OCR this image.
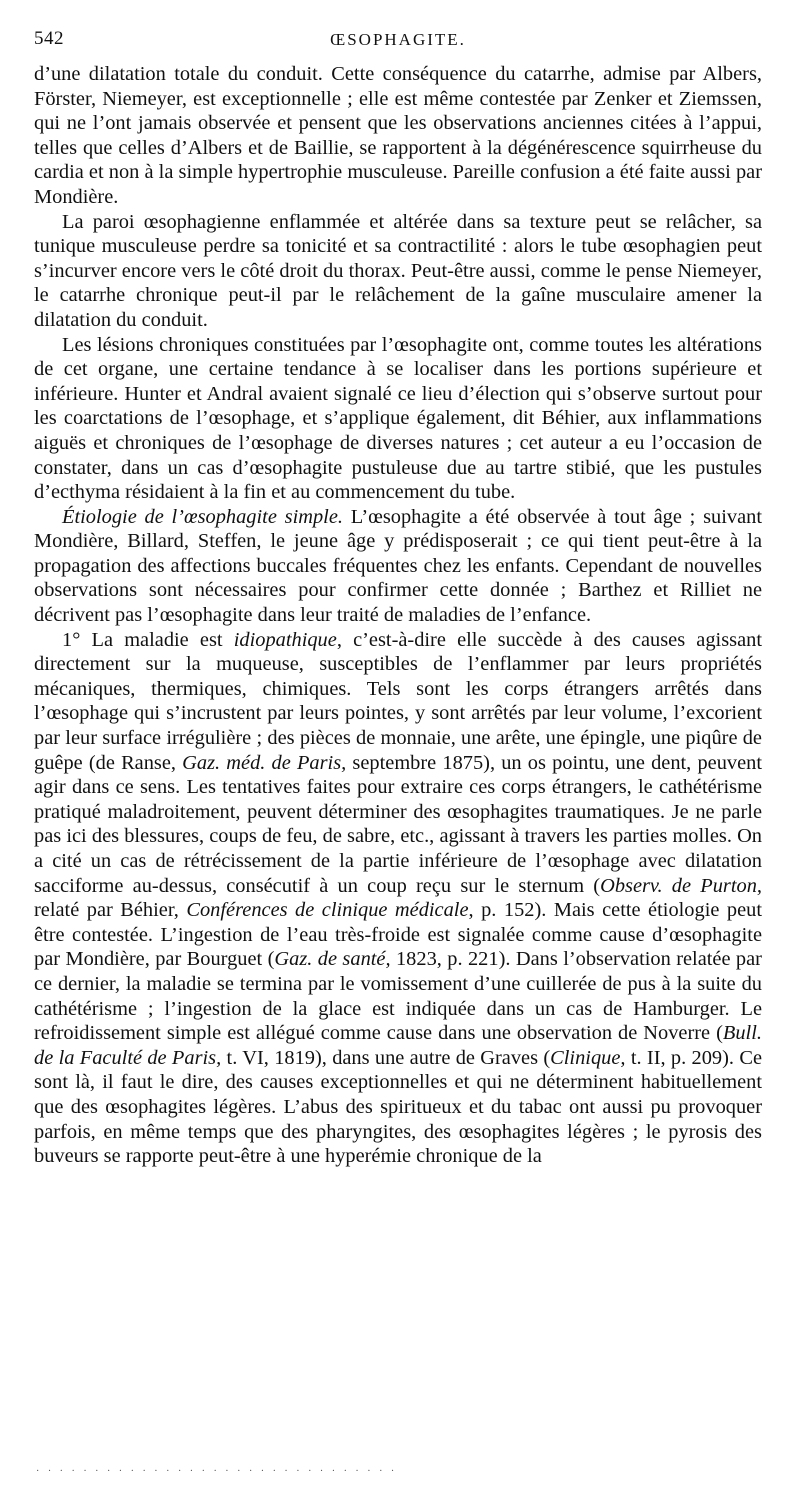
542	ŒSOPHAGITE.

d’une dilatation totale du conduit. Cette conséquence du catarrhe, admise par Albers, Förster, Niemeyer, est exceptionnelle ; elle est même contestée par Zenker et Ziemssen, qui ne l’ont jamais observée et pensent que les observations anciennes citées à l’appui, telles que celles d’Albers et de Baillie, se rapportent à la dégénérescence squirrheuse du cardia et non à la simple hypertrophie musculeuse. Pareille confusion a été faite aussi par Mondière.

La paroi œsophagienne enflammée et altérée dans sa texture peut se relâcher, sa tunique musculeuse perdre sa tonicité et sa contractilité : alors le tube œsophagien peut s’incurver encore vers le côté droit du thorax. Peut-être aussi, comme le pense Niemeyer, le catarrhe chronique peut-il par le relâchement de la gaîne musculaire amener la dilatation du conduit.

Les lésions chroniques constituées par l’œsophagite ont, comme toutes les altérations de cet organe, une certaine tendance à se localiser dans les portions supérieure et inférieure. Hunter et Andral avaient signalé ce lieu d’élection qui s’observe surtout pour les coarctations de l’œsophage, et s’applique également, dit Béhier, aux inflammations aiguës et chroniques de l’œsophage de diverses natures ; cet auteur a eu l’occasion de constater, dans un cas d’œsophagite pustuleuse due au tartre stibié, que les pustules d’ecthyma résidaient à la fin et au commencement du tube.

Étiologie de l’œsophagite simple. L’œsophagite a été observée à tout âge ; suivant Mondière, Billard, Steffen, le jeune âge y prédisposerait ; ce qui tient peut-être à la propagation des affections buccales fréquentes chez les enfants. Cependant de nouvelles observations sont nécessaires pour confirmer cette donnée ; Barthez et Rilliet ne décrivent pas l’œsophagite dans leur traité de maladies de l’enfance.

1° La maladie est idiopathique, c’est-à-dire elle succède à des causes agissant directement sur la muqueuse, susceptibles de l’enflammer par leurs propriétés mécaniques, thermiques, chimiques. Tels sont les corps étrangers arrêtés dans l’œsophage qui s’incrustent par leurs pointes, y sont arrêtés par leur volume, l’excorient par leur surface irrégulière ; des pièces de monnaie, une arête, une épingle, une piqûre de guêpe (de Ranse, Gaz. méd. de Paris, septembre 1875), un os pointu, une dent, peuvent agir dans ce sens. Les tentatives faites pour extraire ces corps étrangers, le cathétérisme pratiqué maladroitement, peuvent déterminer des œsophagites traumatiques. Je ne parle pas ici des blessures, coups de feu, de sabre, etc., agissant à travers les parties molles. On a cité un cas de rétrécissement de la partie inférieure de l’œsophage avec dilatation sacciforme au-dessus, consécutif à un coup reçu sur le sternum (Observ. de Purton, relaté par Béhier, Conférences de clinique médicale, p. 152). Mais cette étiologie peut être contestée. L’ingestion de l’eau très-froide est signalée comme cause d’œsophagite par Mondière, par Bourguet (Gaz. de santé, 1823, p. 221). Dans l’observation relatée par ce dernier, la maladie se termina par le vomissement d’une cuillerée de pus à la suite du cathétérisme ; l’ingestion de la glace est indiquée dans un cas de Hamburger. Le refroidissement simple est allégué comme cause dans une observation de Noverre (Bull. de la Faculté de Paris, t. VI, 1819), dans une autre de Graves (Clinique, t. II, p. 209). Ce sont là, il faut le dire, des causes exceptionnelles et qui ne déterminent habituellement que des œsophagites légères. L’abus des spiritueux et du tabac ont aussi pu provoquer parfois, en même temps que des pharyngites, des œsophagites légères ; le pyrosis des buveurs se rapporte peut-être à une hyperémie chronique de la

· · · · · · · · · · · · · · · · · · · · · · · · · · · · · · ·
